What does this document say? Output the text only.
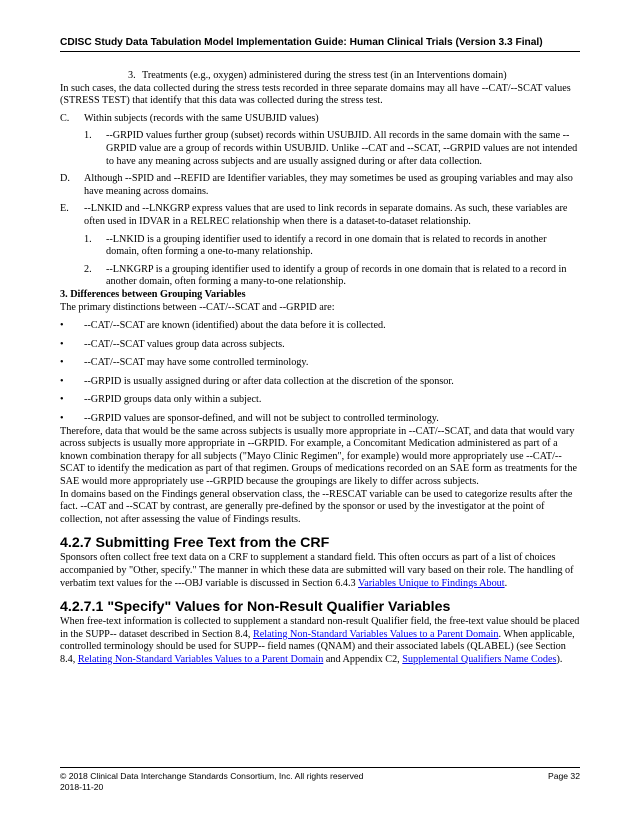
CDISC Study Data Tabulation Model Implementation Guide: Human Clinical Trials (Version 3.3 Final)
3. Treatments (e.g., oxygen) administered during the stress test (in an Interventions domain)

In such cases, the data collected during the stress tests recorded in three separate domains may all have --CAT/--SCAT values (STRESS TEST) that identify that this data was collected during the stress test.

C.	Within subjects (records with the same USUBJID values)
1.	--GRPID values further group (subset) records within USUBJID. All records in the same domain with the same --GRPID value are a group of records within USUBJID. Unlike --CAT and --SCAT, --GRPID values are not intended to have any meaning across subjects and are usually assigned during or after data collection.
D.	Although --SPID and --REFID are Identifier variables, they may sometimes be used as grouping variables and may also have meaning across domains.
E.	--LNKID and --LNKGRP express values that are used to link records in separate domains. As such, these variables are often used in IDVAR in a RELREC relationship when there is a dataset-to-dataset relationship.
1.	--LNKID is a grouping identifier used to identify a record in one domain that is related to records in another domain, often forming a one-to-many relationship.
2.	--LNKGRP is a grouping identifier used to identify a group of records in one domain that is related to a record in another domain, often forming a many-to-one relationship.

3. Differences between Grouping Variables

The primary distinctions between --CAT/--SCAT and --GRPID are:

•	--CAT/--SCAT are known (identified) about the data before it is collected.
•	--CAT/--SCAT values group data across subjects.
•	--CAT/--SCAT may have some controlled terminology.
•	--GRPID is usually assigned during or after data collection at the discretion of the sponsor.
•	--GRPID groups data only within a subject.
•	--GRPID values are sponsor-defined, and will not be subject to controlled terminology.

Therefore, data that would be the same across subjects is usually more appropriate in --CAT/--SCAT, and data that would vary across subjects is usually more appropriate in --GRPID. For example, a Concomitant Medication administered as part of a known combination therapy for all subjects ("Mayo Clinic Regimen", for example) would more appropriately use --CAT/--SCAT to identify the medication as part of that regimen. Groups of medications recorded on an SAE form as treatments for the SAE would more appropriately use --GRPID because the groupings are likely to differ across subjects.

In domains based on the Findings general observation class, the --RESCAT variable can be used to categorize results after the fact. --CAT and --SCAT by contrast, are generally pre-defined by the sponsor or used by the investigator at the point of collection, not after assessing the value of Findings results.

4.2.7 Submitting Free Text from the CRF

Sponsors often collect free text data on a CRF to supplement a standard field. This often occurs as part of a list of choices accompanied by "Other, specify." The manner in which these data are submitted will vary based on their role. The handling of verbatim text values for the ---OBJ variable is discussed in Section 6.4.3 Variables Unique to Findings About.

4.2.7.1 "Specify" Values for Non-Result Qualifier Variables

When free-text information is collected to supplement a standard non-result Qualifier field, the free-text value should be placed in the SUPP-- dataset described in Section 8.4, Relating Non-Standard Variables Values to a Parent Domain. When applicable, controlled terminology should be used for SUPP-- field names (QNAM) and their associated labels (QLABEL) (see Section 8.4, Relating Non-Standard Variables Values to a Parent Domain and Appendix C2, Supplemental Qualifiers Name Codes).

© 2018 Clinical Data Interchange Standards Consortium, Inc. All rights reserved
2018-11-20
Page 32
